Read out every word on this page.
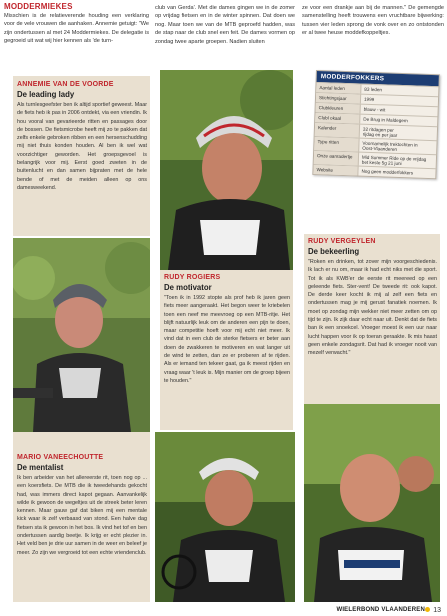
MODDERMIEKES
Misschien is de relatieverende houding een verklaring voor de vele vrouwen die aanhaken. Annemie getuigt: "We zijn ondertussen al met 24 Moddermiekes. De delegatie is gegroeid uit wat wij hier kennen als 'de turn-
club van Gerda'. Met die dames gingen we in de zomer op vrijdag fietsen en in de winter spinnen. Dat doen we nog. Maar toen we van de MTB geproefd hadden, was de stap naar de club snel een feit. De dames vormen op zondag twee aparte groepen. Nadien sluiten
ze voor een drankje aan bij de mannen." De gemengde samenstelling heeft trouwens een vruchtbare bijwerking: tussen vier leden sprong de vonk over en zo ontstonden er al twee heuse moddefkoppeltjes.
ANNEMIE VAN DE VOORDE
De leading lady
Als turnlesgeefster ben ik altijd sportief geweest. Maar de fiets heb ik pas in 2006 ontdekt, via een vriendin. Ik hou vooral van gevarieerde ritten en passages door de bossen. De fietsmicrobe heeft mij zo te pakken dat zelfs enkele gebroken ribben en een hersenschudding mij niet thuis konden houden. Al ben ik wel wat voorzichtiger geworden. Het groepsgevoel is belangrijk voor mij. Eerst goed zweten in de buitenlucht en dan samen bijpraten met de hele bende of met de meiden alleen op ons damesweekend.
RUDY ROGIERS
De motivator
"Toen ik in 1992 stopte als prof heb ik jaren geen fiets meer aangeraakt. Het begon weer te kriebelen toen een neef me meevroeg op een MTB-ritje. Het blijft natuurlijk leuk om de anderen een pijn te doen, maar competitie hoeft voor mij echt niet meer. Ik vind dat in een club de sterke fietsers er beter aan doen de zwakkeren te motiveren en wat langer uit de wind te zetten, dan ze er proberen af te rijden. Als er iemand ten tekeer gaat, ga ik meest rijden en vraag waar 't leuk is. Mijn manier om de groep bijeen te houden."
MODDERFOKKERS
Aantal leden	83 leden
Stichtingsjaar	1999
Clubkleuren	blauw - wit
Clubl okaal	De Brug in Maldegem
Kalender	32 ritdagen per
rijdag en per jaar
Type ritten	Voornamelijk trektochten in
Oost-Vlaanderen
Onze aanradertje	Mid Summer Ride op de vrijdag
bet keste 5g 21 juni
Website	Nog geen modderfokkers
RUDY VERGEYLEN
De bekeerling
"Roken en drinken, tot zover mijn voorgeschiedenis. Ik lach er nu om, maar ik had echt niks met die sport. Tot ik als KWB'er de eerste rit meereed op een geleende fiets. Ster-vent! De tweede rit: ook kapot. De derde keer kocht ik mij al zelf een fiets en ondertussen mag je mij gerust fanatiek noemen. Ik moet op zondag mijn wekker niet meer zetten om op tijd te zijn. Ik zijk daar echt naar uit. Denkt dat de fiets ban ik een snoekcel. Vroeger moest ik een uur naar lucht happen voor ik op toeran geraakte. Ik mis haast geen enkele zondagsrit. Dat had ik vroeger nooit van mezelf verwacht."
MARIO VANEECHOUTTE
De mentalist
Ik ben arbeider van het allereerste rit, toen nog op ... een koersfiets. De MTB die ik tweedehands gekocht had, was immers direct kapot gegaan. Aanvankelijk wilde ik gewoon de wegeltjes uit de streek beter leren kennen. Maar gauw gaf dat biken mij een mentale kick waar ik zelf verbaasd van stond. Een halve dag fietsen sta ik gewoon in het bos. Ik vind het tof en ben ondertussen aardig beetje. Ik krijg er echt plezier in. Het veld ben je drie uur samen in de weer en beleef je meer. Zo zijn we vergroeid tot een echte vriendenclub.
WIELERBOND VLAANDEREN 13
